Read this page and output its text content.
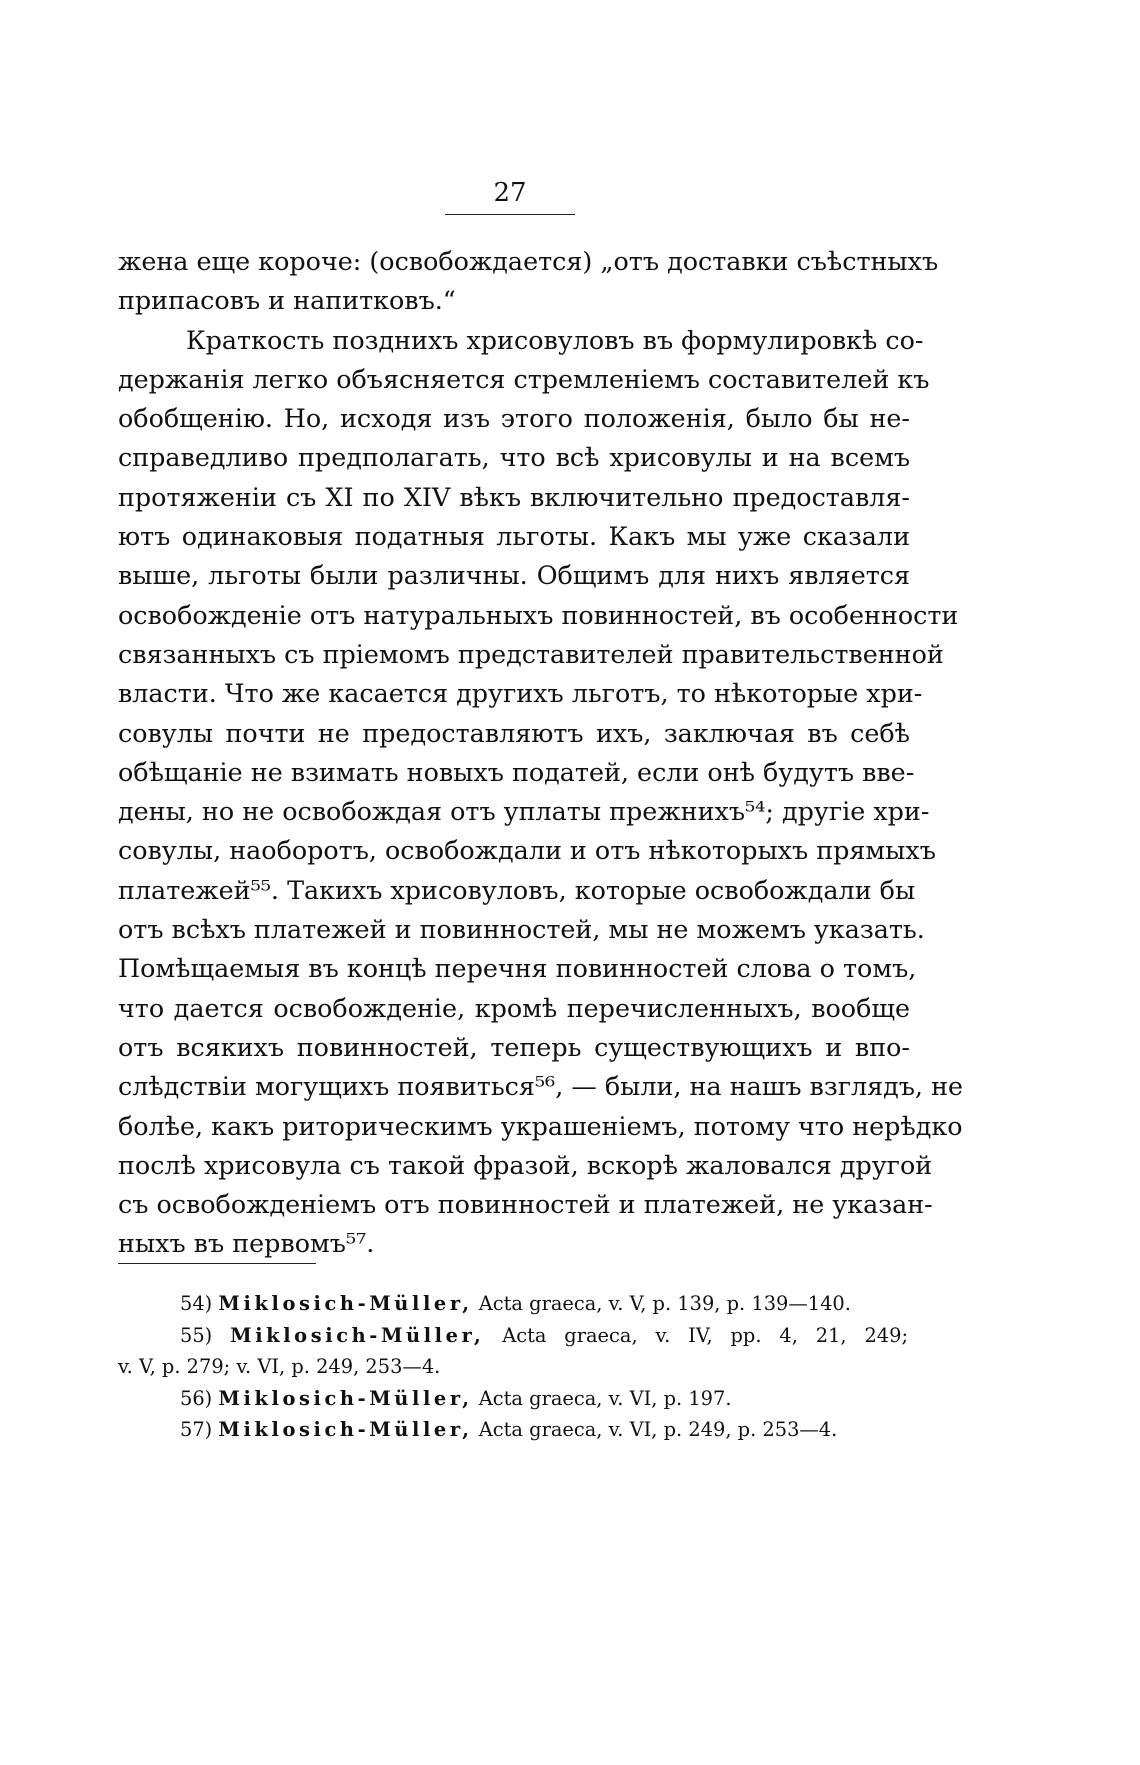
27
жена еще короче: (освобождается) „отъ доставки съѣстныхъ
припасовъ и напитковъ.“
Краткость позднихъ хрисовуловъ въ формулировкѣ со-
держанія легко объясняется стремленіемъ составителей къ
обобщенію. Но, исходя изъ этого положенія, было бы не-
справедливо предполагать, что всѣ хрисовулы и на всемъ
протяженіи съ XI по XIV вѣкъ включительно предоставля-
ютъ одинаковыя податныя льготы. Какъ мы уже сказали
выше, льготы были различны. Общимъ для нихъ является
освобожденіе отъ натуральныхъ повинностей, въ особенности
связанныхъ съ пріемомъ представителей правительственной
власти. Что же касается другихъ льготъ, то нѣкоторые хри-
совулы почти не предоставляютъ ихъ, заключая въ себѣ
обѣщаніе не взимать новыхъ податей, если онѣ будутъ вве-
дены, но не освобождая отъ уплаты прежнихъ⁵⁴; другіе хри-
совулы, наоборотъ, освобождали и отъ нѣкоторыхъ прямыхъ
платежей⁵⁵. Такихъ хрисовуловъ, которые освобождали бы
отъ всѣхъ платежей и повинностей, мы не можемъ указать.
Помѣщаемыя въ концѣ перечня повинностей слова о томъ,
что дается освобожденіе, кромѣ перечисленныхъ, вообще
отъ всякихъ повинностей, теперь существующихъ и впо-
слѣдствіи могущихъ появиться⁵⁶, — были, на нашъ взглядъ, не
болѣе, какъ риторическимъ украшеніемъ, потому что нерѣдко
послѣ хрисовула съ такой фразой, вскорѣ жаловался другой
съ освобожденіемъ отъ повинностей и платежей, не указан-
ныхъ въ первомъ⁵⁷.
54) Miklosich-Müller, Acta graeca, v. V, p. 139, p. 139—140.
55) Miklosich-Müller, Acta graeca, v. IV, pp. 4, 21, 249;
v. V, p. 279; v. VI, p. 249, 253—4.
56) Miklosich-Müller, Acta graeca, v. VI, p. 197.
57) Miklosich-Müller, Acta graeca, v. VI, p. 249, p. 253—4.
